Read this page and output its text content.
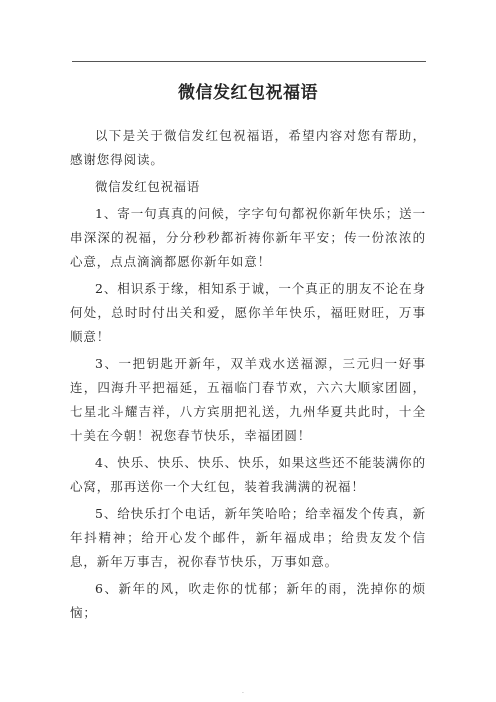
微信发红包祝福语

以下是关于微信发红包祝福语，希望内容对您有帮助，感谢您得阅读。

微信发红包祝福语

1、寄一句真真的问候，字字句句都祝你新年快乐；送一串深深的祝福，分分秒秒都祈祷你新年平安；传一份浓浓的心意，点点滴滴都愿你新年如意！

2、相识系于缘，相知系于诚，一个真正的朋友不论在身何处，总时时付出关和爱，愿你羊年快乐，福旺财旺，万事顺意！

3、一把钥匙开新年，双羊戏水送福源，三元归一好事连，四海升平把福延，五福临门春节欢，六六大顺家团圆，七星北斗耀吉祥，八方宾朋把礼送，九州华夏共此时，十全十美在今朝！祝您春节快乐，幸福团圆！

4、快乐、快乐、快乐、快乐，如果这些还不能装满你的心窝，那再送你一个大红包，装着我满满的祝福！

5、给快乐打个电话，新年笑哈哈；给幸福发个传真，新年抖精神；给开心发个邮件，新年福成串；给贵友发个信息，新年万事吉，祝你春节快乐，万事如意。

6、新年的风，吹走你的忧郁；新年的雨，洗掉你的烦恼；

.
